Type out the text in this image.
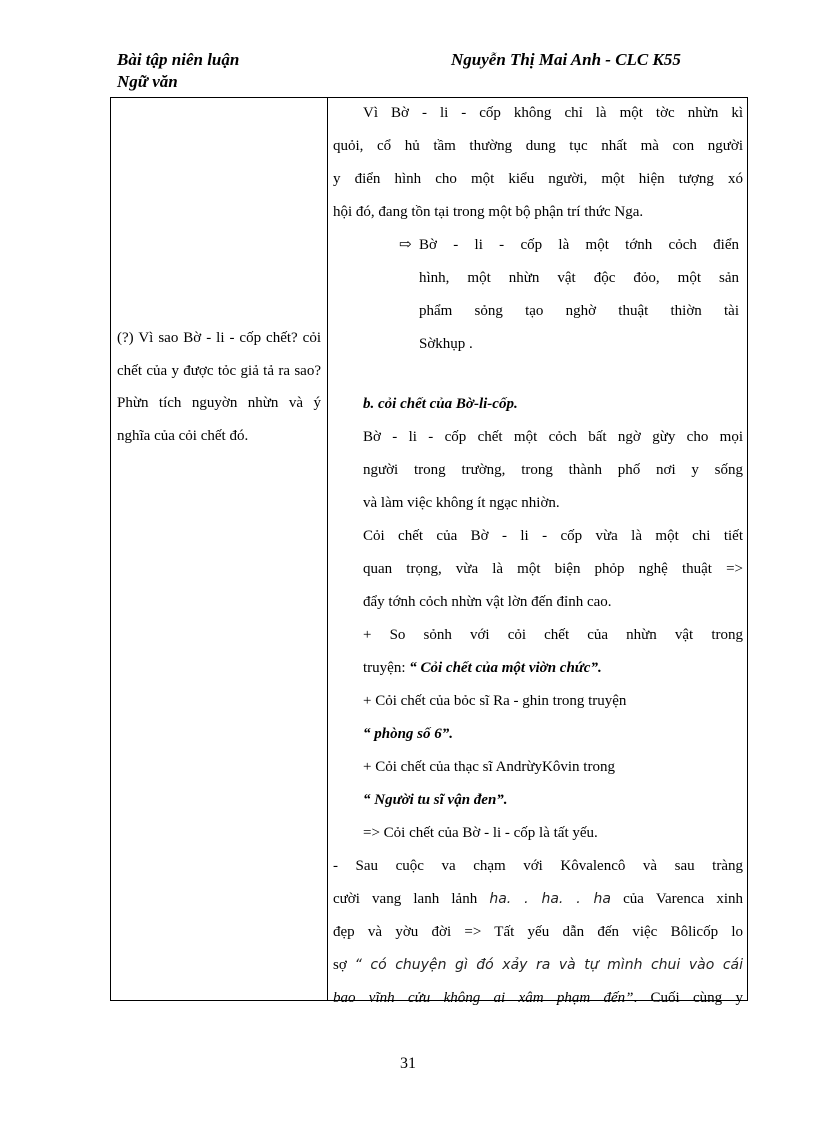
Bài tập niên luận
Ngữ văn
Nguyễn Thị Mai Anh - CLC K55
(?) Vì sao Bờ - li - cốp chết? cỏi chết của y được tỏc giả tả ra sao? Phừn tích nguyờn nhừn và ý nghĩa của cỏi chết đó.
Vì Bờ - li - cốp không chỉ là một tờc nhừn kì
quỏi, cổ hủ tầm thường dung tục nhất mà con người
y điển hình cho một kiểu người, một hiện tượng xó
hội đó, đang tồn tại trong một bộ phận trí thức Nga.
⇨ Bờ - li - cốp là một tớnh cỏch điển
hình, một nhừn vật độc đỏo, một sản
phẩm sỏng tạo nghờ thuật thiờn tài
Sờkhụp .
b. cỏi chết của Bờ-li-cốp.
Bờ - li - cốp chết một cỏch bất ngờ gừy cho mọi
người trong trường, trong thành phố nơi y sống
và làm việc không ít ngạc nhiờn.
Cỏi chết của Bờ - li - cốp vừa là một chi tiết
quan trọng, vừa là một biện phỏp nghệ thuật =>
đẩy tớnh cỏch nhừn vật lờn đến đỉnh cao.
+ So sỏnh với cỏi chết của nhừn vật trong
truyện: “ Cỏi chết của một viờn chức”.
+ Cỏi chết của bỏc sĩ Ra - ghin trong truyện
“ phòng số 6”.
+ Cỏi chết của thạc sĩ AndrừyKôvin trong
“ Người tu sĩ vận đen”.
=> Cỏi chết của Bờ - li - cốp là tất yếu.
- Sau cuộc va chạm với Kôvalencô và sau tràng
cười vang lanh lảnh ha. . ha. . ha của Varenca xinh
đẹp và yờu đời => Tất yếu dẫn đến việc Bôlicốp lo
sợ “ có chuyện gì đó xảy ra và tự mình chui vào cái
bao vĩnh cửu không ai xâm phạm đến”. Cuối cùng y
31
